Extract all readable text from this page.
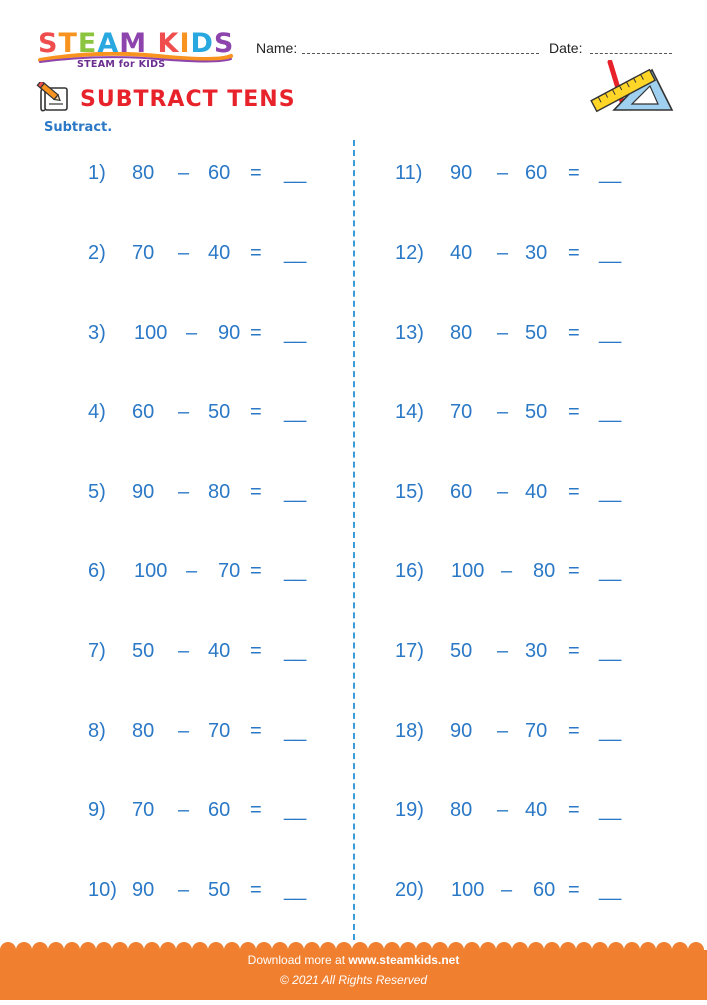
STEAM KIDS
STEAM for KIDS
Name:	Date:
SUBTRACT TENS
Subtract.
1) 80 – 60 = __
2) 70 – 40 = __
3) 100 – 90 = __
4) 60 – 50 = __
5) 90 – 80 = __
6) 100 – 70 = __
7) 50 – 40 = __
8) 80 – 70 = __
9) 70 – 60 = __
10) 90 – 50 = __
11) 90 – 60 = __
12) 40 – 30 = __
13) 80 – 50 = __
14) 70 – 50 = __
15) 60 – 40 = __
16) 100 – 80 = __
17) 50 – 30 = __
18) 90 – 70 = __
19) 80 – 40 = __
20) 100 – 60 = __
Download more at www.steamkids.net
© 2021 All Rights Reserved
